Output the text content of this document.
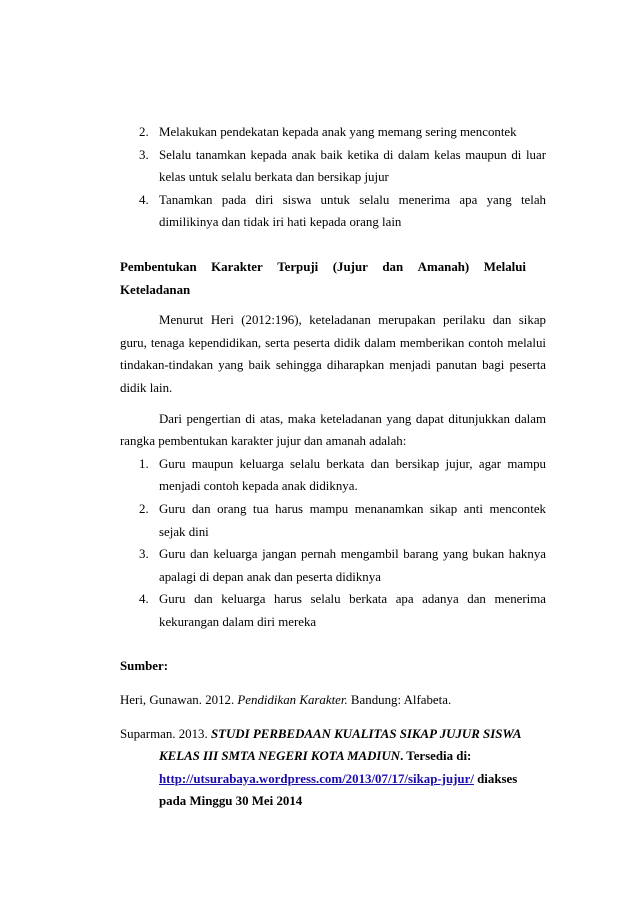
2. Melakukan pendekatan kepada anak yang memang sering mencontek
3. Selalu tanamkan kepada anak baik ketika di dalam kelas maupun di luar kelas untuk selalu berkata dan bersikap jujur
4. Tanamkan pada diri siswa untuk selalu menerima apa yang telah dimilikinya dan tidak iri hati kepada orang lain
Pembentukan Karakter Terpuji (Jujur dan Amanah) Melalui
Keteladanan

Menurut Heri (2012:196), keteladanan merupakan perilaku dan sikap guru, tenaga kependidikan, serta peserta didik dalam memberikan contoh melalui tindakan-tindakan yang baik sehingga diharapkan menjadi panutan bagi peserta didik lain.

Dari pengertian di atas, maka keteladanan yang dapat ditunjukkan dalam rangka pembentukan karakter jujur dan amanah adalah:

1. Guru maupun keluarga selalu berkata dan bersikap jujur, agar mampu menjadi contoh kepada anak didiknya.
2. Guru dan orang tua harus mampu menanamkan sikap anti mencontek sejak dini
3. Guru dan keluarga jangan pernah mengambil barang yang bukan haknya apalagi di depan anak dan peserta didiknya
4. Guru dan keluarga harus selalu berkata apa adanya dan menerima kekurangan dalam diri mereka

Sumber:

Heri, Gunawan. 2012. Pendidikan Karakter. Bandung: Alfabeta.

Suparman. 2013. STUDI PERBEDAAN KUALITAS SIKAP JUJUR SISWA KELAS III SMTA NEGERI KOTA MADIUN. Tersedia di: http://utsurabaya.wordpress.com/2013/07/17/sikap-jujur/ diakses pada Minggu 30 Mei 2014
